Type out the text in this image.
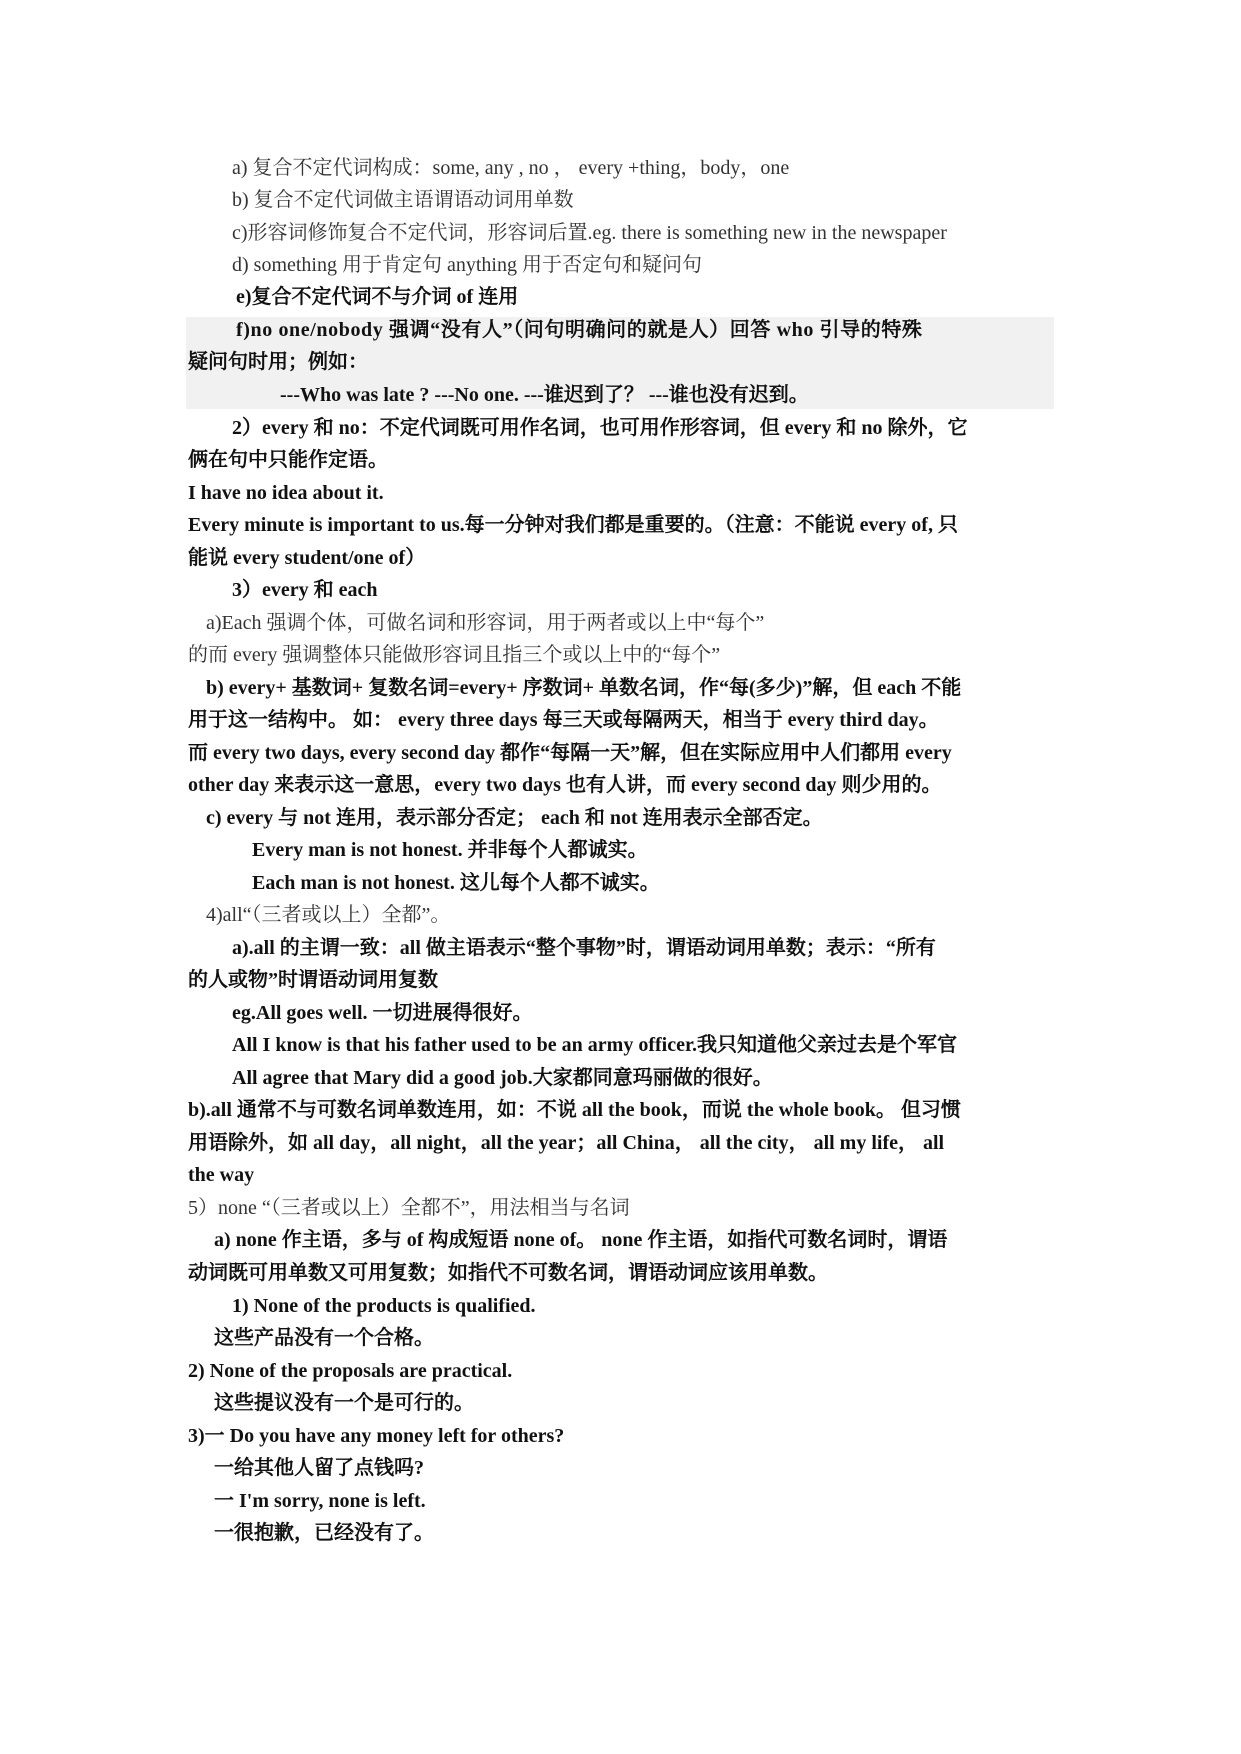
a) 复合不定代词构成：some, any , no ， every +thing，body，one
b) 复合不定代词做主语谓语动词用单数
c)形容词修饰复合不定代词，形容词后置.eg. there is something new in the newspaper
d) something 用于肯定句 anything 用于否定句和疑问句
e)复合不定代词不与介词 of 连用
f)no one/nobody 强调“没有人”（问句明确问的就是人）回答 who 引导的特殊
疑问句时用；例如：
---Who was late ? ---No one. ---谁迟到了？ ---谁也没有迟到。
2）every 和 no：不定代词既可用作名词，也可用作形容词，但 every 和 no 除外，它
俩在句中只能作定语。
I have no idea about it.
Every minute is important to us.每一分钟对我们都是重要的。（注意：不能说 every of, 只
能说 every student/one of）
3）every 和 each
a)Each 强调个体，可做名词和形容词，用于两者或以上中“每个”
的而 every 强调整体只能做形容词且指三个或以上中的“每个”
b) every+ 基数词+ 复数名词=every+ 序数词+ 单数名词，作“每(多少)”解，但 each 不能
用于这一结构中。 如： every three days 每三天或每隔两天，相当于 every third day。
而 every two days, every second day 都作“每隔一天”解，但在实际应用中人们都用 every
other day 来表示这一意思，every two days 也有人讲，而 every second day 则少用的。
c) every 与 not 连用，表示部分否定； each 和 not 连用表示全部否定。
Every man is not honest. 并非每个人都诚实。
Each man is not honest. 这儿每个人都不诚实。
4)all“（三者或以上）全都”。
a).all 的主谓一致：all 做主语表示“整个事物”时，谓语动词用单数；表示：“所有
的人或物”时谓语动词用复数
eg.All goes well. 一切进展得很好。
All I know is that his father used to be an army officer.我只知道他父亲过去是个军官
All agree that Mary did a good job.大家都同意玛丽做的很好。
b).all 通常不与可数名词单数连用，如：不说 all the book，而说 the whole book。 但习惯
用语除外，如 all day，all night，all the year；all China， all the city， all my life， all
the way
5）none “（三者或以上）全都不”，用法相当与名词
a) none 作主语，多与 of 构成短语 none of。 none 作主语，如指代可数名词时，谓语
动词既可用单数又可用复数；如指代不可数名词，谓语动词应该用单数。
1) None of the products is qualified.
这些产品没有一个合格。
2) None of the proposals are practical.
这些提议没有一个是可行的。
3)一 Do you have any money left for others?
一给其他人留了点钱吗?
一 I'm sorry, none is left.
一很抱歉，已经没有了。
